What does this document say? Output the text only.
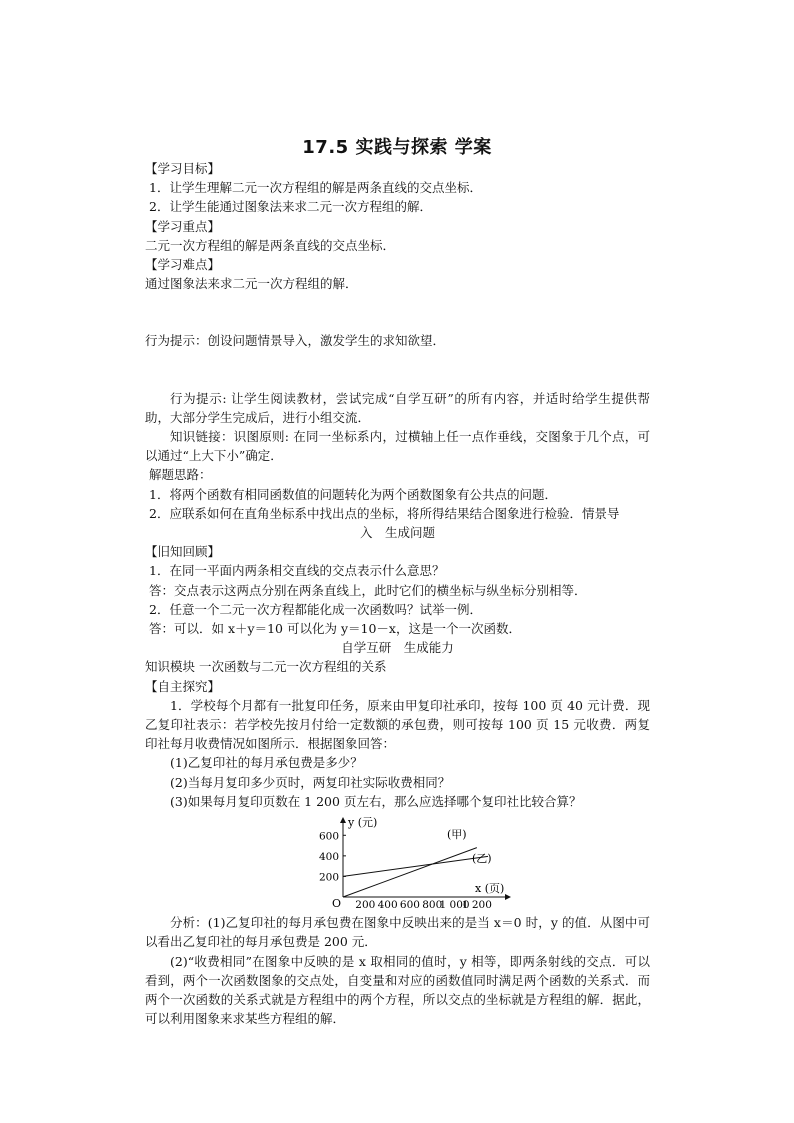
17.5 实践与探索 学案

【学习目标】

1．让学生理解二元一次方程组的解是两条直线的交点坐标．

2．让学生能通过图象法来求二元一次方程组的解．

【学习重点】

二元一次方程组的解是两条直线的交点坐标．

【学习难点】

通过图象法来求二元一次方程组的解．

行为提示：创设问题情景导入，激发学生的求知欲望．

行为提示: 让学生阅读教材，尝试完成“自学互研”的所有内容，并适时给学生提供帮助，大部分学生完成后，进行小组交流．

知识链接：识图原则: 在同一坐标系内，过横轴上任一点作垂线，交图象于几个点，可以通过“上大下小”确定．

解题思路：

1．将两个函数有相同函数值的问题转化为两个函数图象有公共点的问题．

2．应联系如何在直角坐标系中找出点的坐标，将所得结果结合图象进行检验．情景导

入　生成问题

【旧知回顾】

1．在同一平面内两条相交直线的交点表示什么意思？

答：交点表示这两点分别在两条直线上，此时它们的横坐标与纵坐标分别相等．

2．任意一个二元一次方程都能化成一次函数吗？试举一例．

答：可以．如 x＋y＝10 可以化为 y＝10－x，这是一个一次函数．

自学互研　生成能力

知识模块 一次函数与二元一次方程组的关系

【自主探究】

1．学校每个月都有一批复印任务，原来由甲复印社承印，按每 100 页 40 元计费．现乙复印社表示：若学校先按月付给一定数额的承包费，则可按每 100 页 15 元收费．两复印社每月收费情况如图所示．根据图象回答：

(1)乙复印社的每月承包费是多少？

(2)当每月复印多少页时，两复印社实际收费相同？

(3)如果每月复印页数在 1 200 页左右，那么应选择哪个复印社比较合算？

200 400 600 800
1 000
1 200
200
400
600	(甲)
(乙)
y (元)
x (页)
O

分析：(1)乙复印社的每月承包费在图象中反映出来的是当 x＝0 时，y 的值．从图中可以看出乙复印社的每月承包费是 200 元．

(2)“收费相同”在图象中反映的是 x 取相同的值时，y 相等，即两条射线的交点．可以看到，两个一次函数图象的交点处，自变量和对应的函数值同时满足两个函数的关系式．而两个一次函数的关系式就是方程组中的两个方程，所以交点的坐标就是方程组的解．据此，可以利用图象来求某些方程组的解．
